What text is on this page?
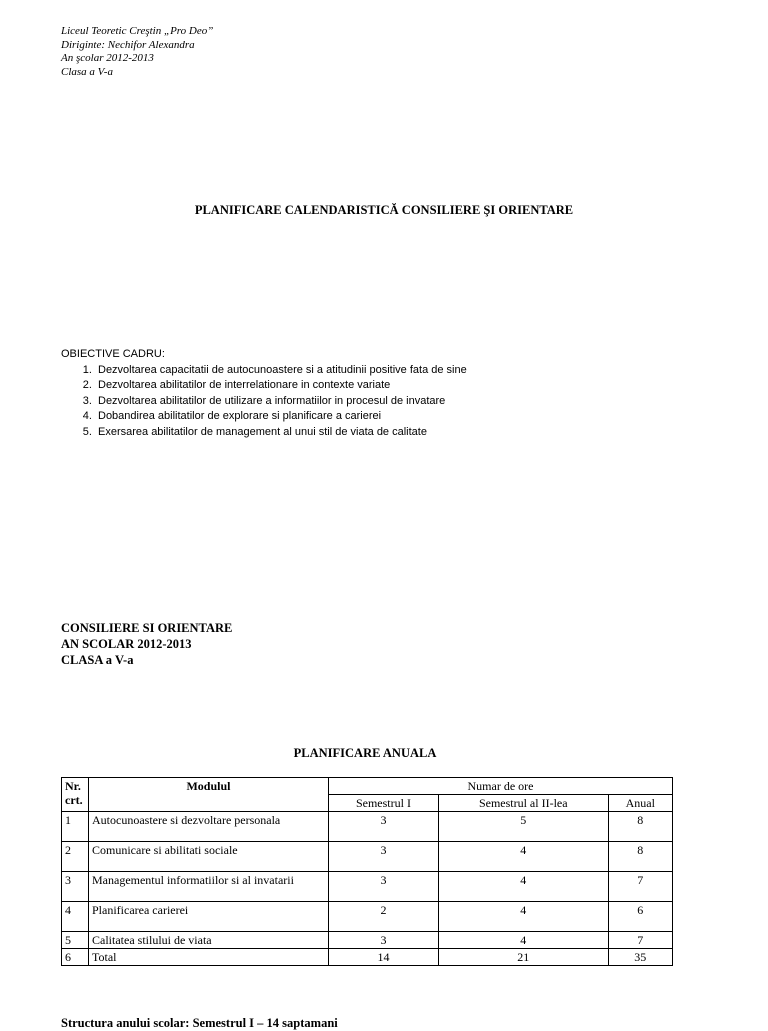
Liceul Teoretic Creştin „Pro Deo”
Diriginte: Nechifor Alexandra
An şcolar 2012-2013
Clasa a V-a
PLANIFICARE CALENDARISTICĂ CONSILIERE ŞI ORIENTARE
OBIECTIVE CADRU:
1. Dezvoltarea capacitatii de autocunoastere si a atitudinii positive fata de sine
2. Dezvoltarea abilitatilor de interrelationare in contexte variate
3. Dezvoltarea abilitatilor de utilizare a informatiilor in procesul de invatare
4. Dobandirea abilitatilor de explorare si planificare a carierei
5. Exersarea abilitatilor de management al unui stil de viata de calitate
CONSILIERE SI ORIENTARE
AN SCOLAR 2012-2013
CLASA a V-a
PLANIFICARE ANUALA
Nr. crt.	Modulul	Numar de ore		
		Semestrul I	Semestrul al II-lea	Anual
1	Autocunoastere si dezvoltare personala	3	5	8
2	Comunicare si abilitati sociale	3	4	8
3	Managementul informatiilor si al invatarii	3	4	7
4	Planificarea carierei	2	4	6
5	Calitatea stilului de viata	3	4	7
6	Total	14	21	35
Structura anului scolar: Semestrul I – 14 saptamani
